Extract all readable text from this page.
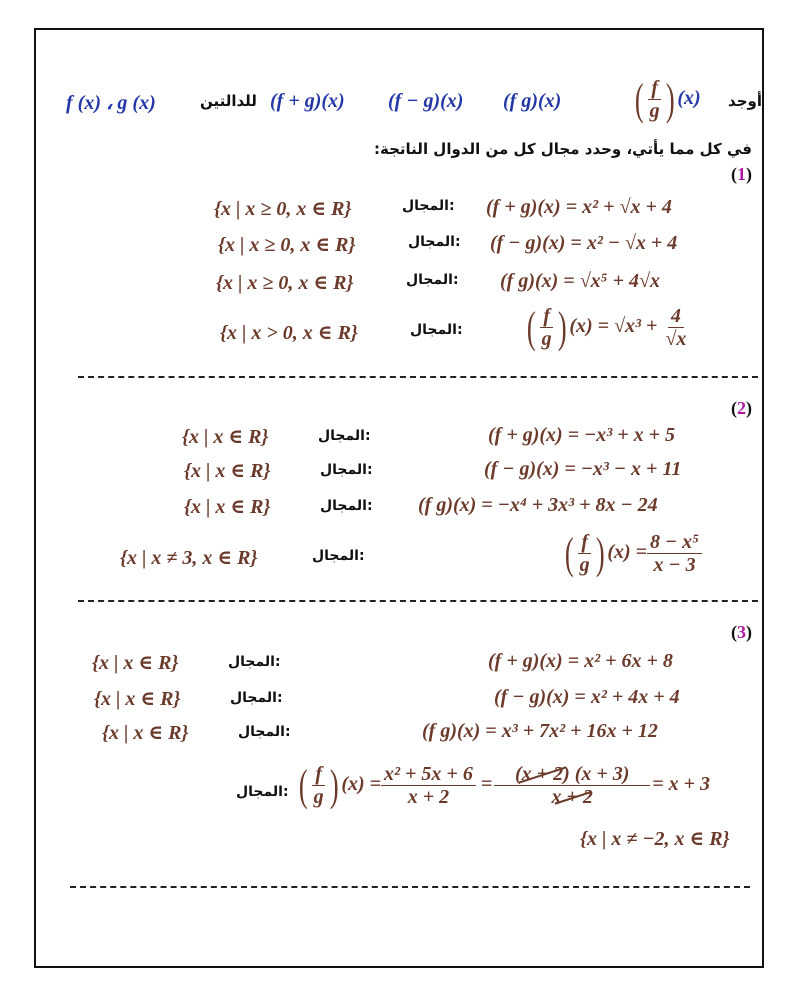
أوجد
( $\frac{f}{g}$ ) (x)
(f g)(x)
(f − g)(x)
(f + g)(x)
للدالتين
f (x) ، g (x)
في كل مما يأتي، وحدد مجال كل من الدوال الناتجة:
(1)
(f + g)(x) = x² + √x + 4
المجال:
{x | x ≥ 0, x ∈ R}
(f − g)(x) = x² − √x + 4
المجال:
{x | x ≥ 0, x ∈ R}
(f g)(x) = √x⁵ + 4√x
المجال:
{x | x ≥ 0, x ∈ R}
( $\frac{f}{g}$ ) $(x) = √x^3 + \frac{4}{√x}$
المجال:
{x | x > 0, x ∈ R}
(2)
(f + g)(x) = −x³ + x + 5
المجال:
{x | x ∈ R}
(f − g)(x) = −x³ − x + 11
المجال:
{x | x ∈ R}
(f g)(x) = −x⁴ + 3x³ + 8x − 24
المجال:
{x | x ∈ R}
( $\frac{f}{g}$ ) $(x) = \frac{\text{8 − x⁵}}{x - 3}$
المجال:
{x | x ≠ 3, x ∈ R}
(3)
(f + g)(x) = x² + 6x + 8
المجال:
{x | x ∈ R}
(f − g)(x) = x² + 4x + 4
المجال:
{x | x ∈ R}
(f g)(x) = x³ + 7x² + 16x + 12
المجال:
{x | x ∈ R}
المجال: ( $\frac{f}{g}$ ) $(x) = \frac{\text{x² + 5x + 6}}{x + 2} = \frac{(x + 2) (x + 3)}{x + 2} = x + 3$
{x | x ≠ −2, x ∈ R}
